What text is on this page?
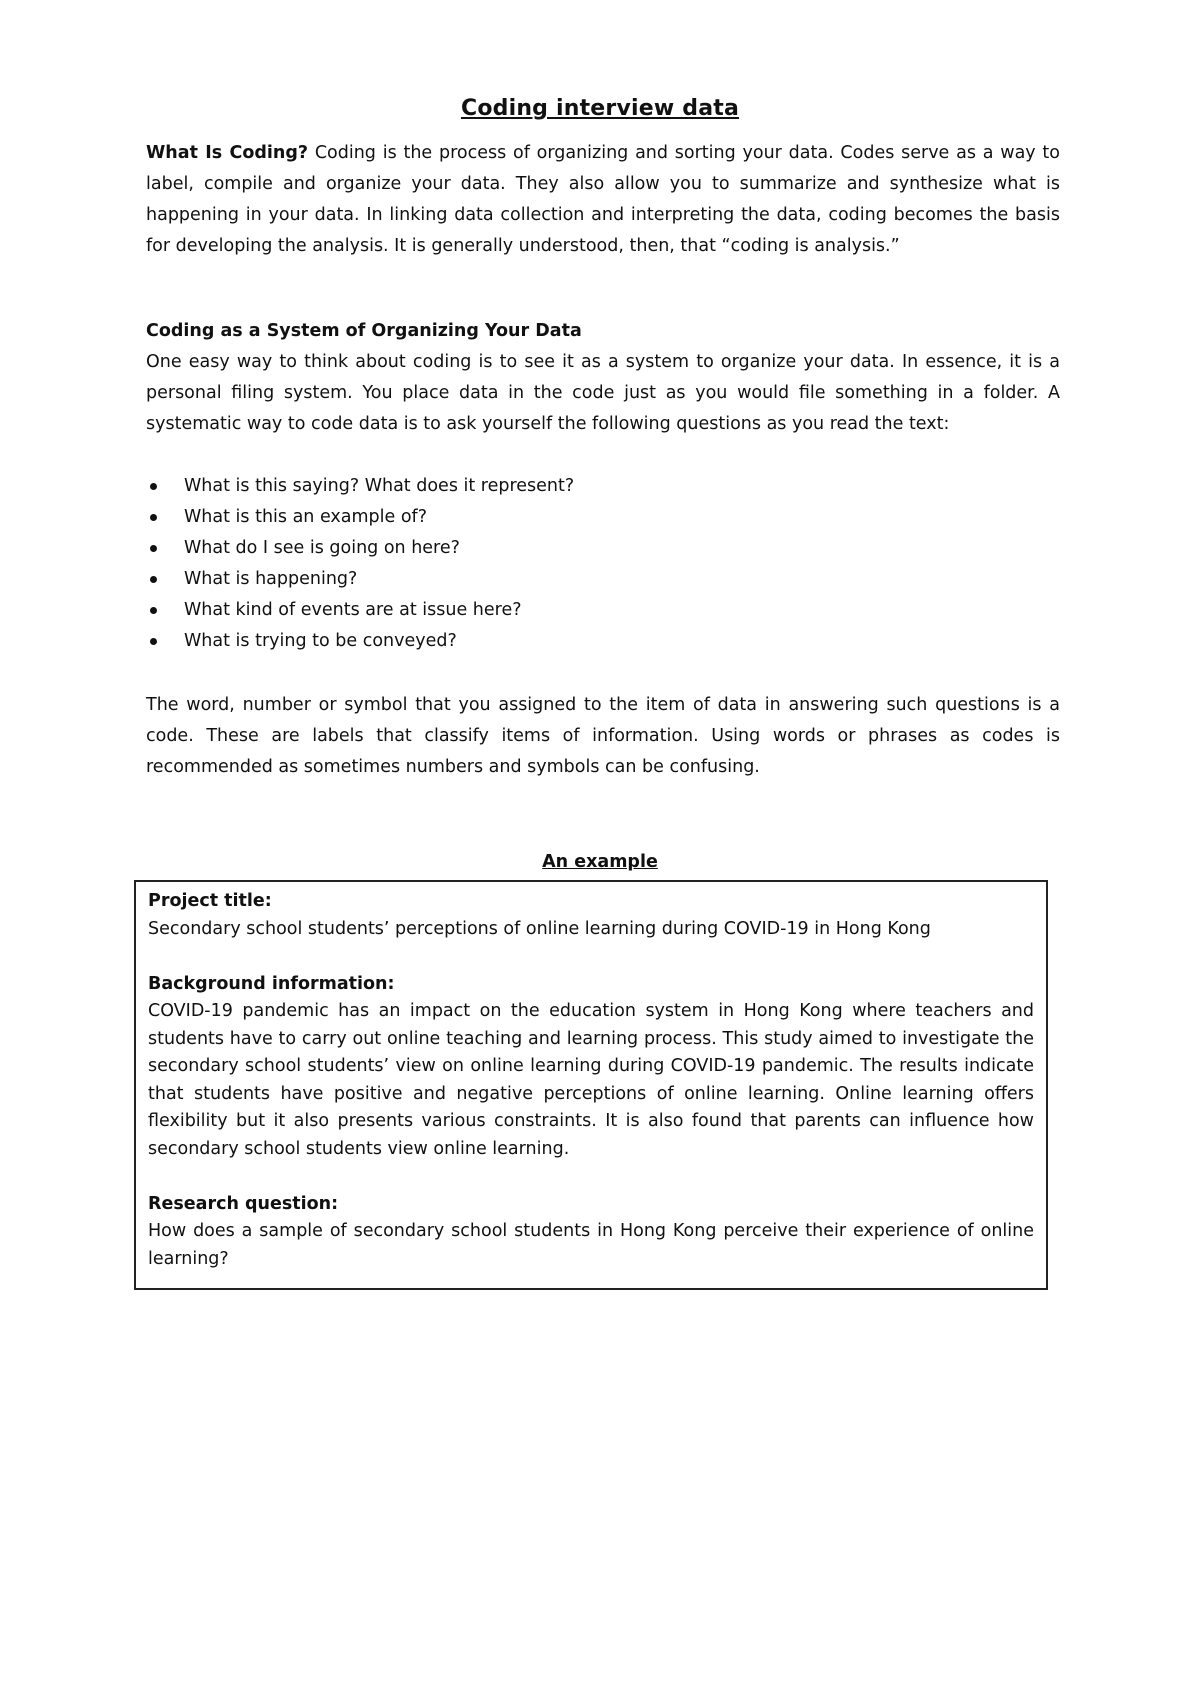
Coding interview data
What Is Coding? Coding is the process of organizing and sorting your data. Codes serve as a way to label, compile and organize your data. They also allow you to summarize and synthesize what is happening in your data. In linking data collection and interpreting the data, coding becomes the basis for developing the analysis. It is generally understood, then, that “coding is analysis.”
Coding as a System of Organizing Your Data
One easy way to think about coding is to see it as a system to organize your data. In essence, it is a personal filing system. You place data in the code just as you would file something in a folder. A systematic way to code data is to ask yourself the following questions as you read the text:
What is this saying? What does it represent?
What is this an example of?
What do I see is going on here?
What is happening?
What kind of events are at issue here?
What is trying to be conveyed?
The word, number or symbol that you assigned to the item of data in answering such questions is a code. These are labels that classify items of information. Using words or phrases as codes is recommended as sometimes numbers and symbols can be confusing.
An example
Project title:
Secondary school students’ perceptions of online learning during COVID-19 in Hong Kong
Background information:
COVID-19 pandemic has an impact on the education system in Hong Kong where teachers and students have to carry out online teaching and learning process. This study aimed to investigate the secondary school students’ view on online learning during COVID-19 pandemic. The results indicate that students have positive and negative perceptions of online learning. Online learning offers flexibility but it also presents various constraints. It is also found that parents can influence how secondary school students view online learning.
Research question:
How does a sample of secondary school students in Hong Kong perceive their experience of online learning?
